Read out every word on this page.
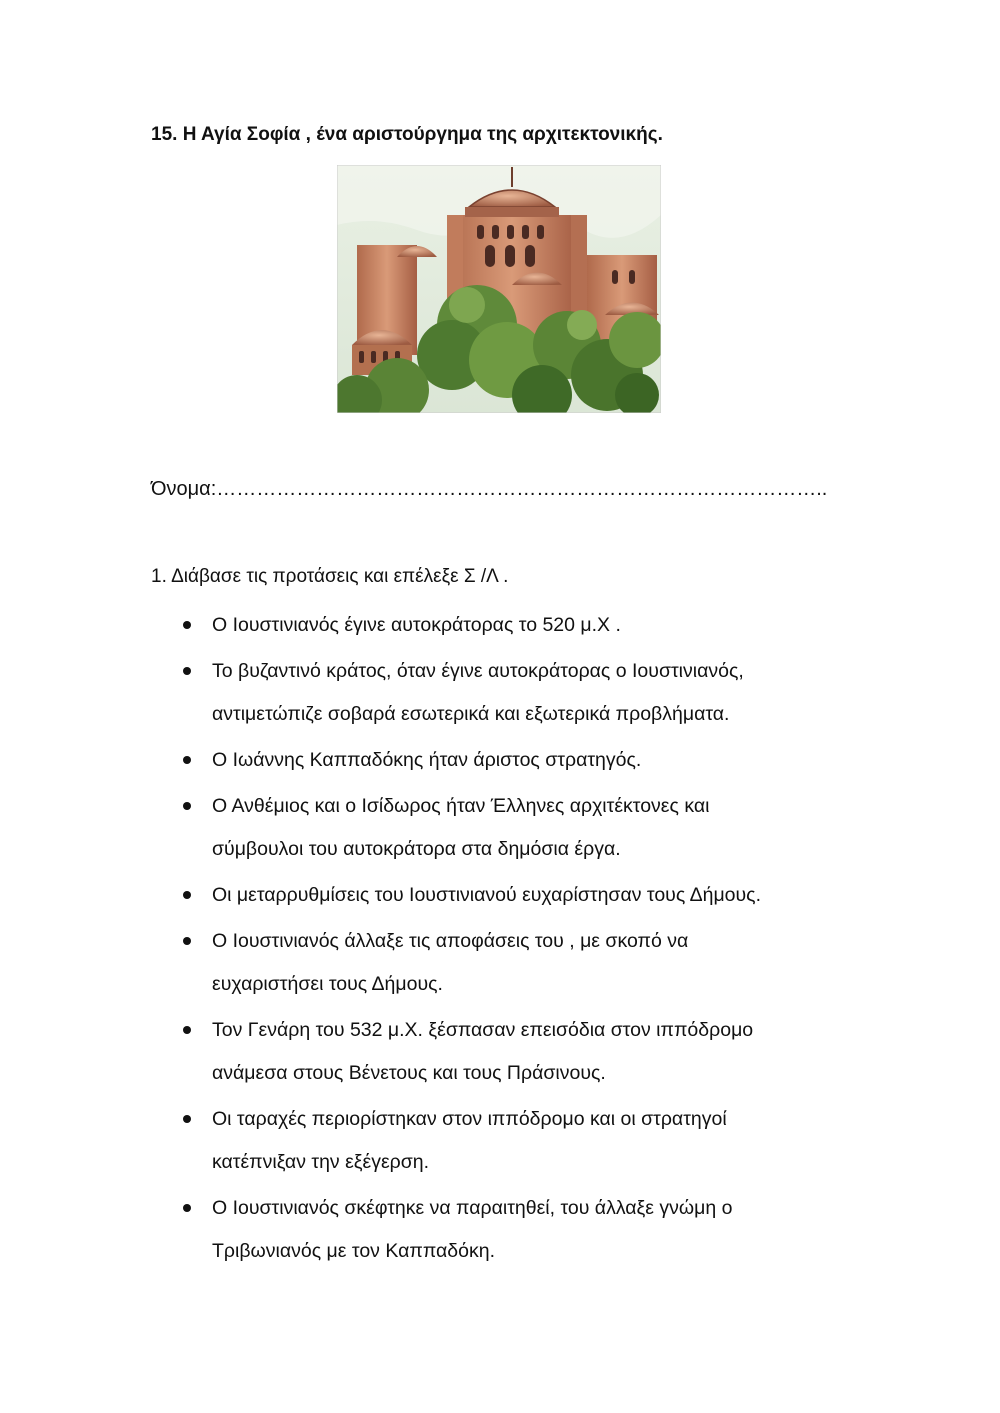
15. Η Αγία Σοφία , ένα αριστούργημα της αρχιτεκτονικής.
Όνομα:………………………………………………………………………………..
1. Διάβασε τις προτάσεις και επέλεξε Σ /Λ .
Ο Ιουστινιανός έγινε αυτοκράτορας το 520 μ.Χ .
Το βυζαντινό κράτος, όταν έγινε αυτοκράτορας ο Ιουστινιανός,
αντιμετώπιζε σοβαρά εσωτερικά και εξωτερικά προβλήματα.
Ο Ιωάννης Καππαδόκης ήταν άριστος στρατηγός.
Ο Ανθέμιος και ο Ισίδωρος ήταν Έλληνες αρχιτέκτονες και
σύμβουλοι του αυτοκράτορα στα δημόσια έργα.
Οι μεταρρυθμίσεις του Ιουστινιανού ευχαρίστησαν τους Δήμους.
Ο Ιουστινιανός άλλαξε τις αποφάσεις του , με σκοπό να
ευχαριστήσει τους Δήμους.
Τον Γενάρη του 532 μ.Χ. ξέσπασαν επεισόδια στον ιππόδρομο
ανάμεσα στους Βένετους και τους Πράσινους.
Οι ταραχές περιορίστηκαν στον ιππόδρομο και οι στρατηγοί
κατέπνιξαν την εξέγερση.
Ο Ιουστινιανός σκέφτηκε να παραιτηθεί, του άλλαξε γνώμη ο
Τριβωνιανός με τον Καππαδόκη.
